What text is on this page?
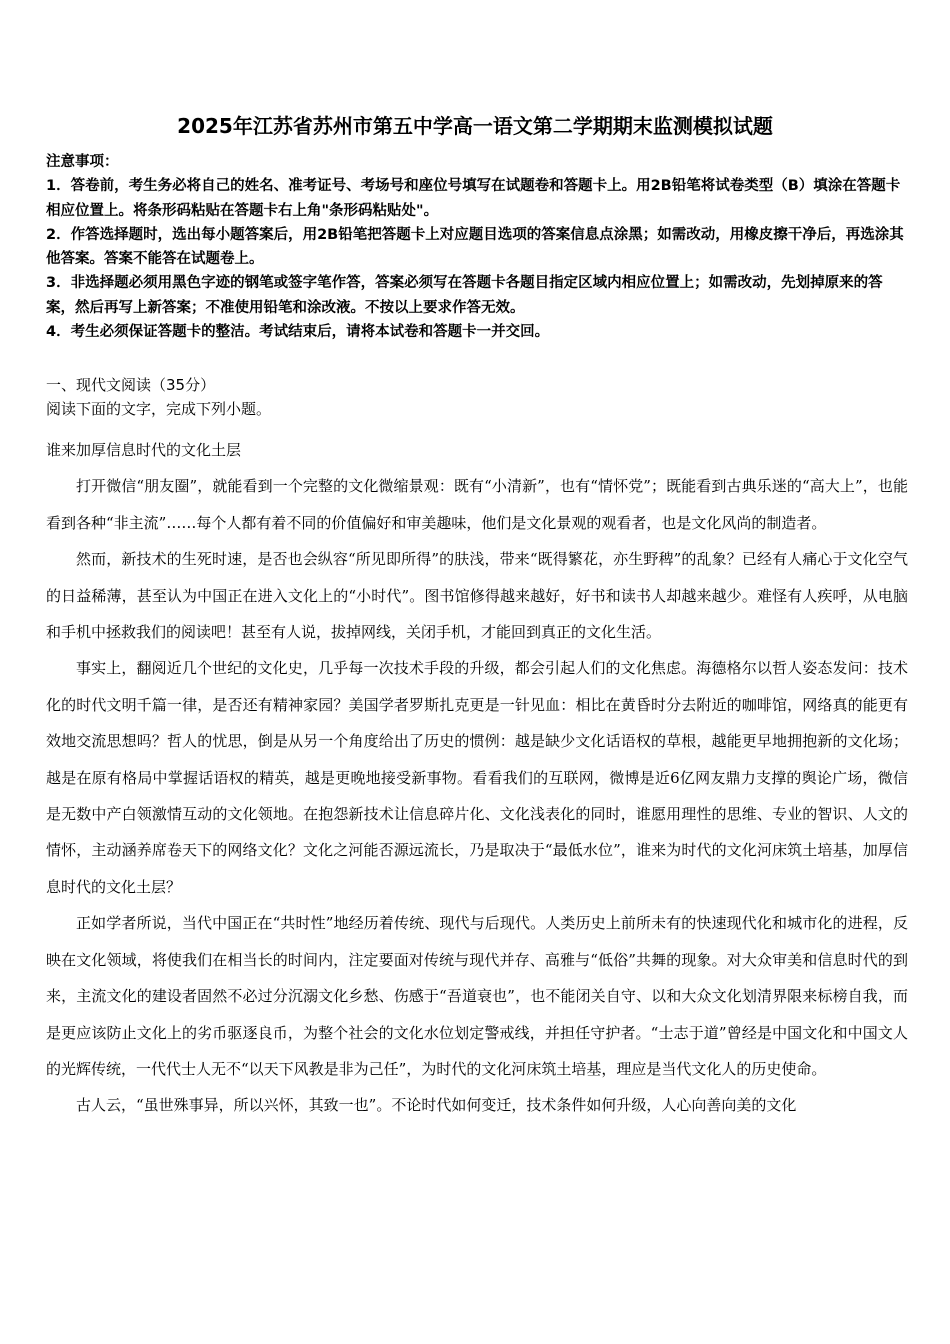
2025年江苏省苏州市第五中学高一语文第二学期期末监测模拟试题

注意事项：

1．答卷前，考生务必将自己的姓名、准考证号、考场号和座位号填写在试题卷和答题卡上。用2B铅笔将试卷类型（B）填涂在答题卡相应位置上。将条形码粘贴在答题卡右上角"条形码粘贴处"。

2．作答选择题时，选出每小题答案后，用2B铅笔把答题卡上对应题目选项的答案信息点涂黑；如需改动，用橡皮擦干净后，再选涂其他答案。答案不能答在试题卷上。

3．非选择题必须用黑色字迹的钢笔或签字笔作答，答案必须写在答题卡各题目指定区域内相应位置上；如需改动，先划掉原来的答案，然后再写上新答案；不准使用铅笔和涂改液。不按以上要求作答无效。

4．考生必须保证答题卡的整洁。考试结束后，请将本试卷和答题卡一并交回。

一、现代文阅读（35分）

阅读下面的文字，完成下列小题。

谁来加厚信息时代的文化土层

打开微信“朋友圈”，就能看到一个完整的文化微缩景观：既有“小清新”，也有“情怀党”；既能看到古典乐迷的“高大上”，也能看到各种“非主流”……每个人都有着不同的价值偏好和审美趣味，他们是文化景观的观看者，也是文化风尚的制造者。

然而，新技术的生死时速，是否也会纵容“所见即所得”的肤浅，带来“既得繁花，亦生野稗”的乱象？已经有人痛心于文化空气的日益稀薄，甚至认为中国正在进入文化上的“小时代”。图书馆修得越来越好，好书和读书人却越来越少。难怪有人疾呼，从电脑和手机中拯救我们的阅读吧！甚至有人说，拔掉网线，关闭手机，才能回到真正的文化生活。

事实上，翻阅近几个世纪的文化史，几乎每一次技术手段的升级，都会引起人们的文化焦虑。海德格尔以哲人姿态发问：技术化的时代文明千篇一律，是否还有精神家园？美国学者罗斯扎克更是一针见血：相比在黄昏时分去附近的咖啡馆，网络真的能更有效地交流思想吗？哲人的忧思，倒是从另一个角度给出了历史的惯例：越是缺少文化话语权的草根，越能更早地拥抱新的文化场；越是在原有格局中掌握话语权的精英，越是更晚地接受新事物。看看我们的互联网，微博是近6亿网友鼎力支撑的舆论广场，微信是无数中产白领激情互动的文化领地。在抱怨新技术让信息碎片化、文化浅表化的同时，谁愿用理性的思维、专业的智识、人文的情怀，主动涵养席卷天下的网络文化？文化之河能否源远流长，乃是取决于“最低水位”，谁来为时代的文化河床筑土培基，加厚信息时代的文化土层？

正如学者所说，当代中国正在“共时性”地经历着传统、现代与后现代。人类历史上前所未有的快速现代化和城市化的进程，反映在文化领域，将使我们在相当长的时间内，注定要面对传统与现代并存、高雅与“低俗”共舞的现象。对大众审美和信息时代的到来，主流文化的建设者固然不必过分沉溺文化乡愁、伤感于“吾道衰也”，也不能闭关自守、以和大众文化划清界限来标榜自我，而是更应该防止文化上的劣币驱逐良币，为整个社会的文化水位划定警戒线，并担任守护者。“士志于道”曾经是中国文化和中国文人的光辉传统，一代代士人无不“以天下风教是非为己任”，为时代的文化河床筑土培基，理应是当代文化人的历史使命。

古人云，“虽世殊事异，所以兴怀，其致一也”。不论时代如何变迁，技术条件如何升级，人心向善向美的文化
